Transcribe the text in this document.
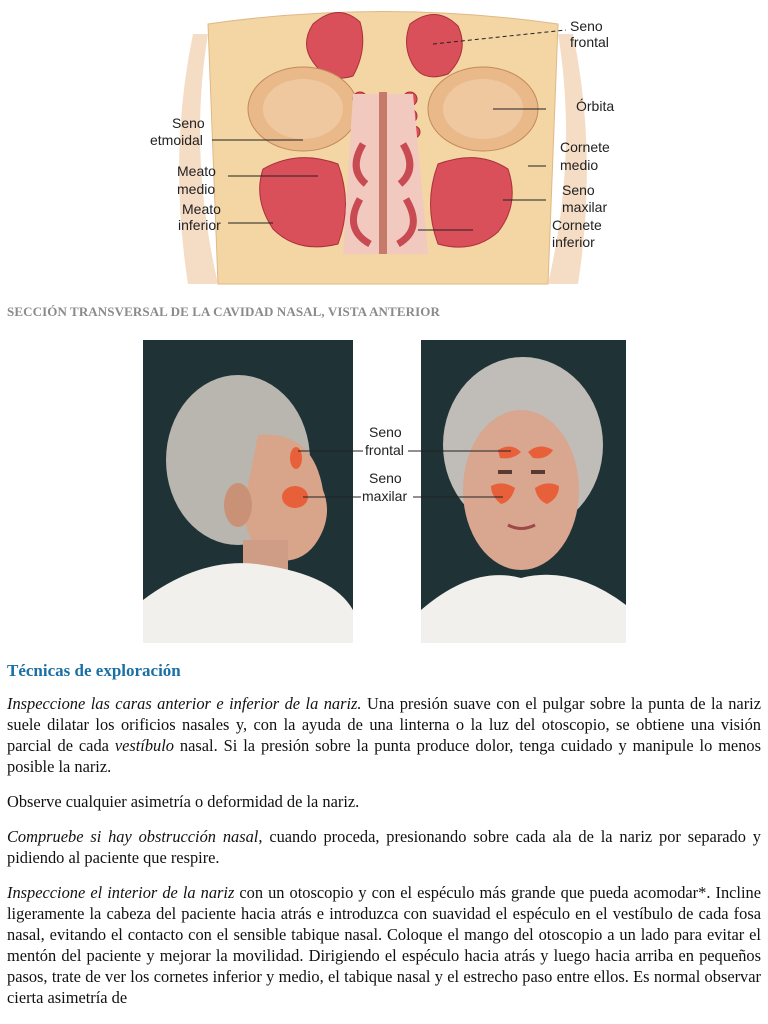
Seno
frontal
Órbita
Cornete
medio
Seno
maxilar
Cornete
inferior
Seno
etmoidal
Meato
medio
Meato
inferior
SECCIÓN TRANSVERSAL DE LA CAVIDAD NASAL, VISTA ANTERIOR
Seno
frontal
Seno
maxilar
Técnicas de exploración

Inspeccione las caras anterior e inferior de la nariz. Una presión suave con el pulgar sobre la punta de la nariz suele dilatar los orificios nasales y, con la ayuda de una linterna o la luz del otoscopio, se obtiene una visión parcial de cada vestíbulo nasal. Si la presión sobre la punta produce dolor, tenga cuidado y manipule lo menos posible la nariz.

Observe cualquier asimetría o deformidad de la nariz.

Compruebe si hay obstrucción nasal, cuando proceda, presionando sobre cada ala de la nariz por separado y pidiendo al paciente que respire.

Inspeccione el interior de la nariz con un otoscopio y con el espéculo más grande que pueda acomodar*. Incline ligeramente la cabeza del paciente hacia atrás e introduzca con suavidad el espéculo en el vestíbulo de cada fosa nasal, evitando el contacto con el sensible tabique nasal. Coloque el mango del otoscopio a un lado para evitar el mentón del paciente y mejorar la movilidad. Dirigiendo el espéculo hacia atrás y luego hacia arriba en pequeños pasos, trate de ver los cornetes inferior y medio, el tabique nasal y el estrecho paso entre ellos. Es normal observar cierta asimetría de
